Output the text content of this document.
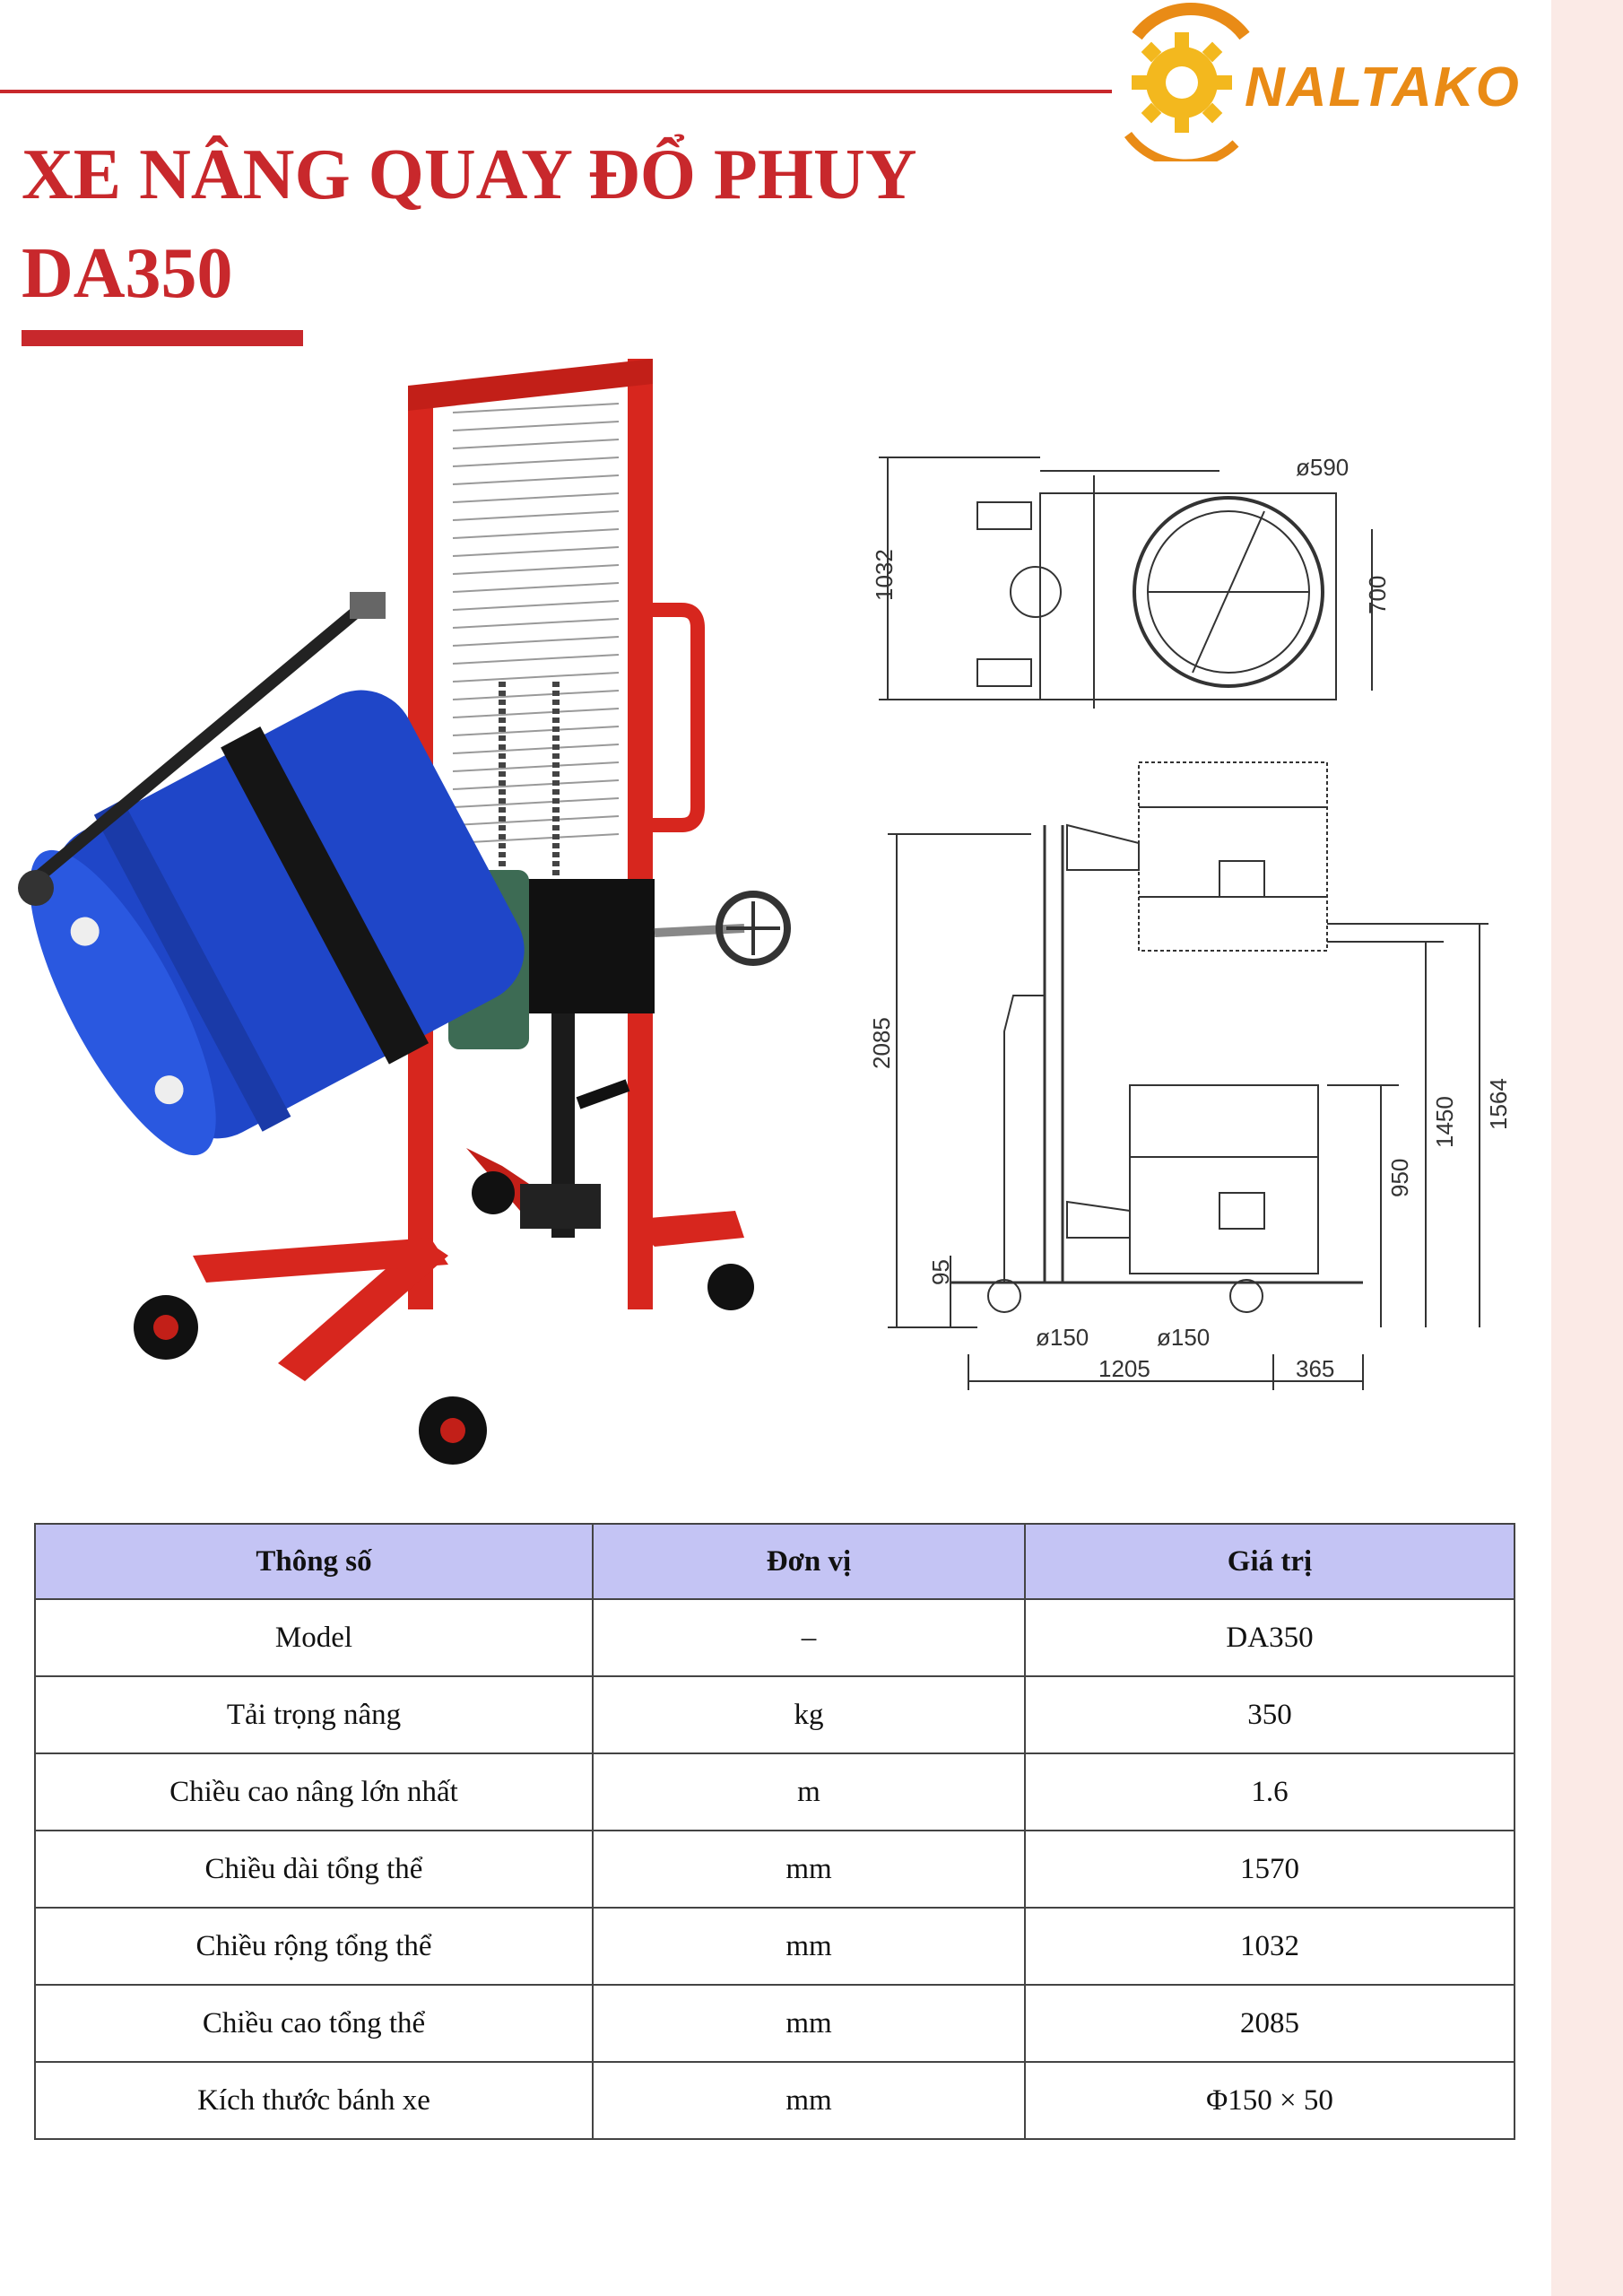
NALTAKO
XE NÂNG QUAY ĐỔ PHUY
DA350
ø590
1032	700
2085
950
1450 1564
95
ø150	ø150
1205	365
Thông số	Đơn vị	Giá trị
Model	–	DA350
Tải trọng nâng	kg	350
Chiều cao nâng lớn nhất	m	1.6
Chiều dài tổng thể	mm	1570
Chiều rộng tổng thể	mm	1032
Chiều cao tổng thể	mm	2085
Kích thước bánh xe	mm	Φ150 × 50
